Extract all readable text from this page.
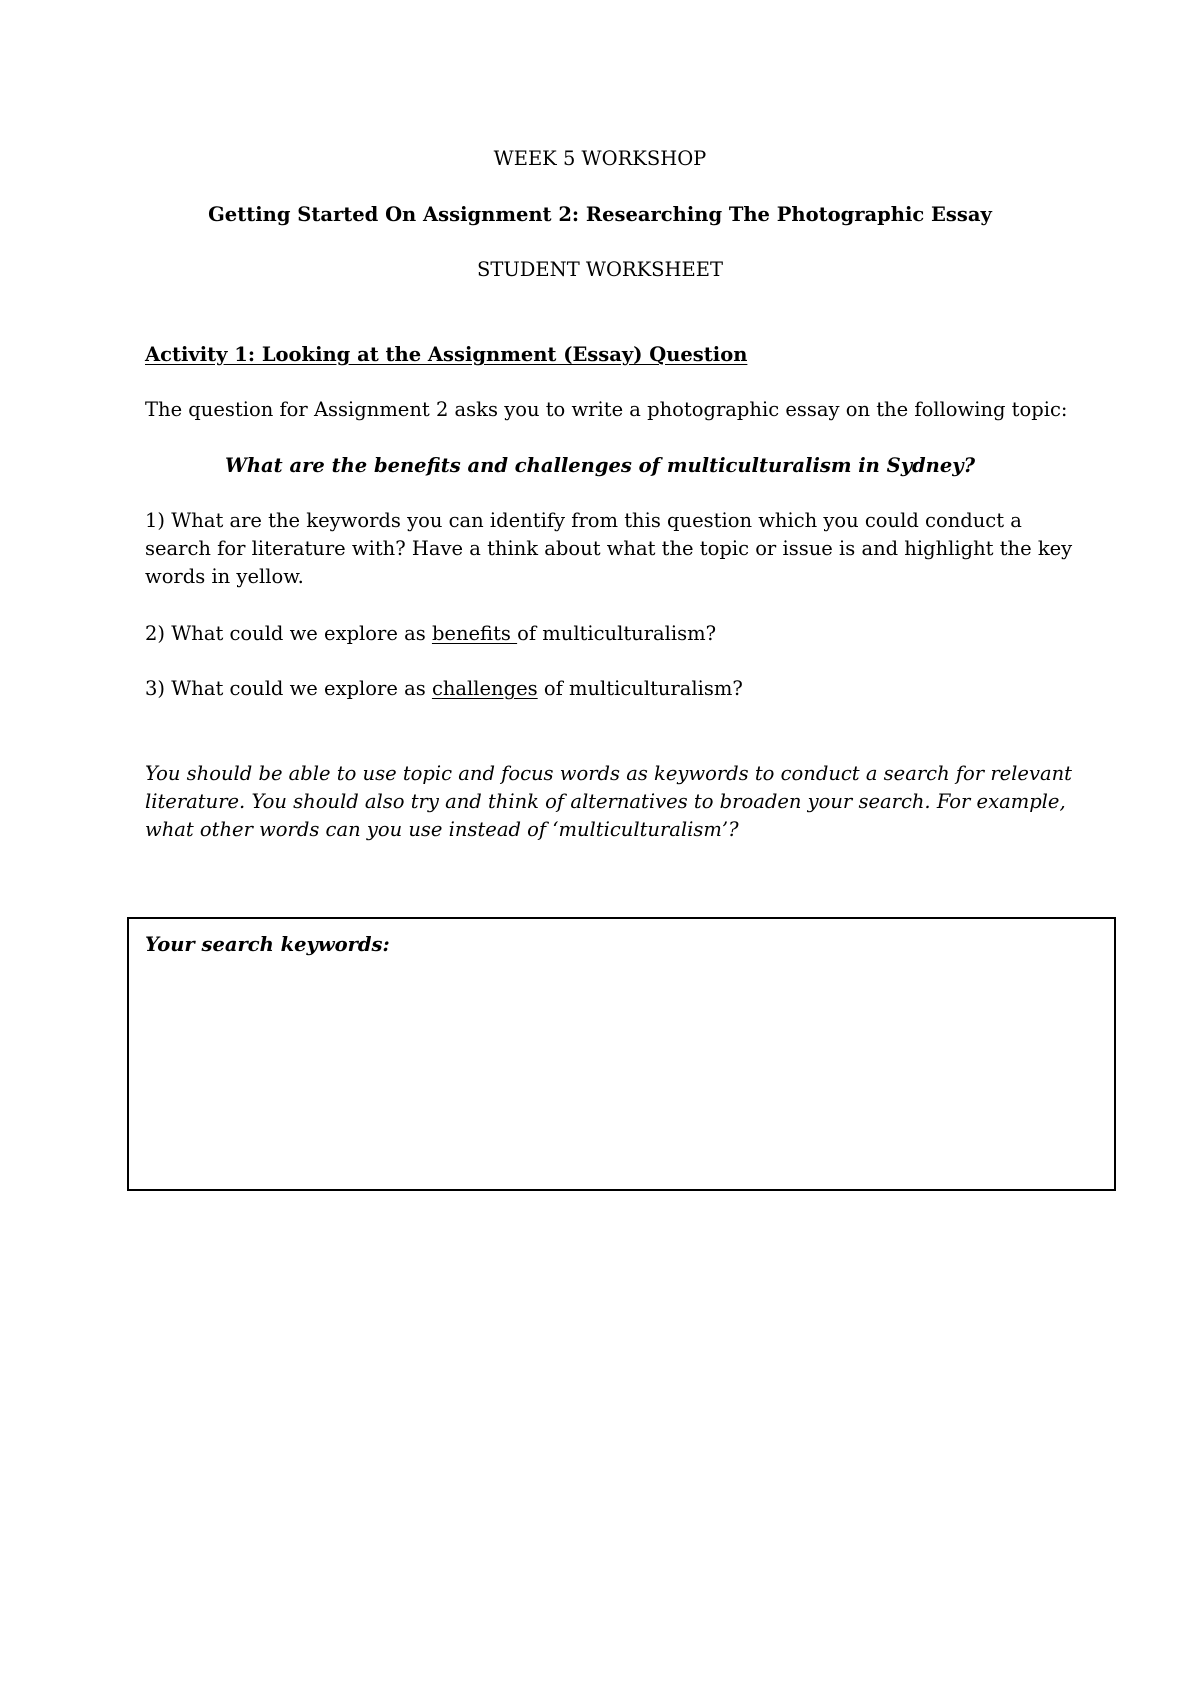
WEEK 5 WORKSHOP

Getting Started On Assignment 2: Researching The Photographic Essay

STUDENT WORKSHEET

Activity 1: Looking at the Assignment (Essay) Question

The question for Assignment 2 asks you to write a photographic essay on the following topic:

What are the benefits and challenges of multiculturalism in Sydney?

1) What are the keywords you can identify from this question which you could conduct a search for literature with? Have a think about what the topic or issue is and highlight the key words in yellow.

2) What could we explore as benefits of multiculturalism?

3) What could we explore as challenges of multiculturalism?

You should be able to use topic and focus words as keywords to conduct a search for relevant literature. You should also try and think of alternatives to broaden your search. For example, what other words can you use instead of ‘multiculturalism’?

Your search keywords:
